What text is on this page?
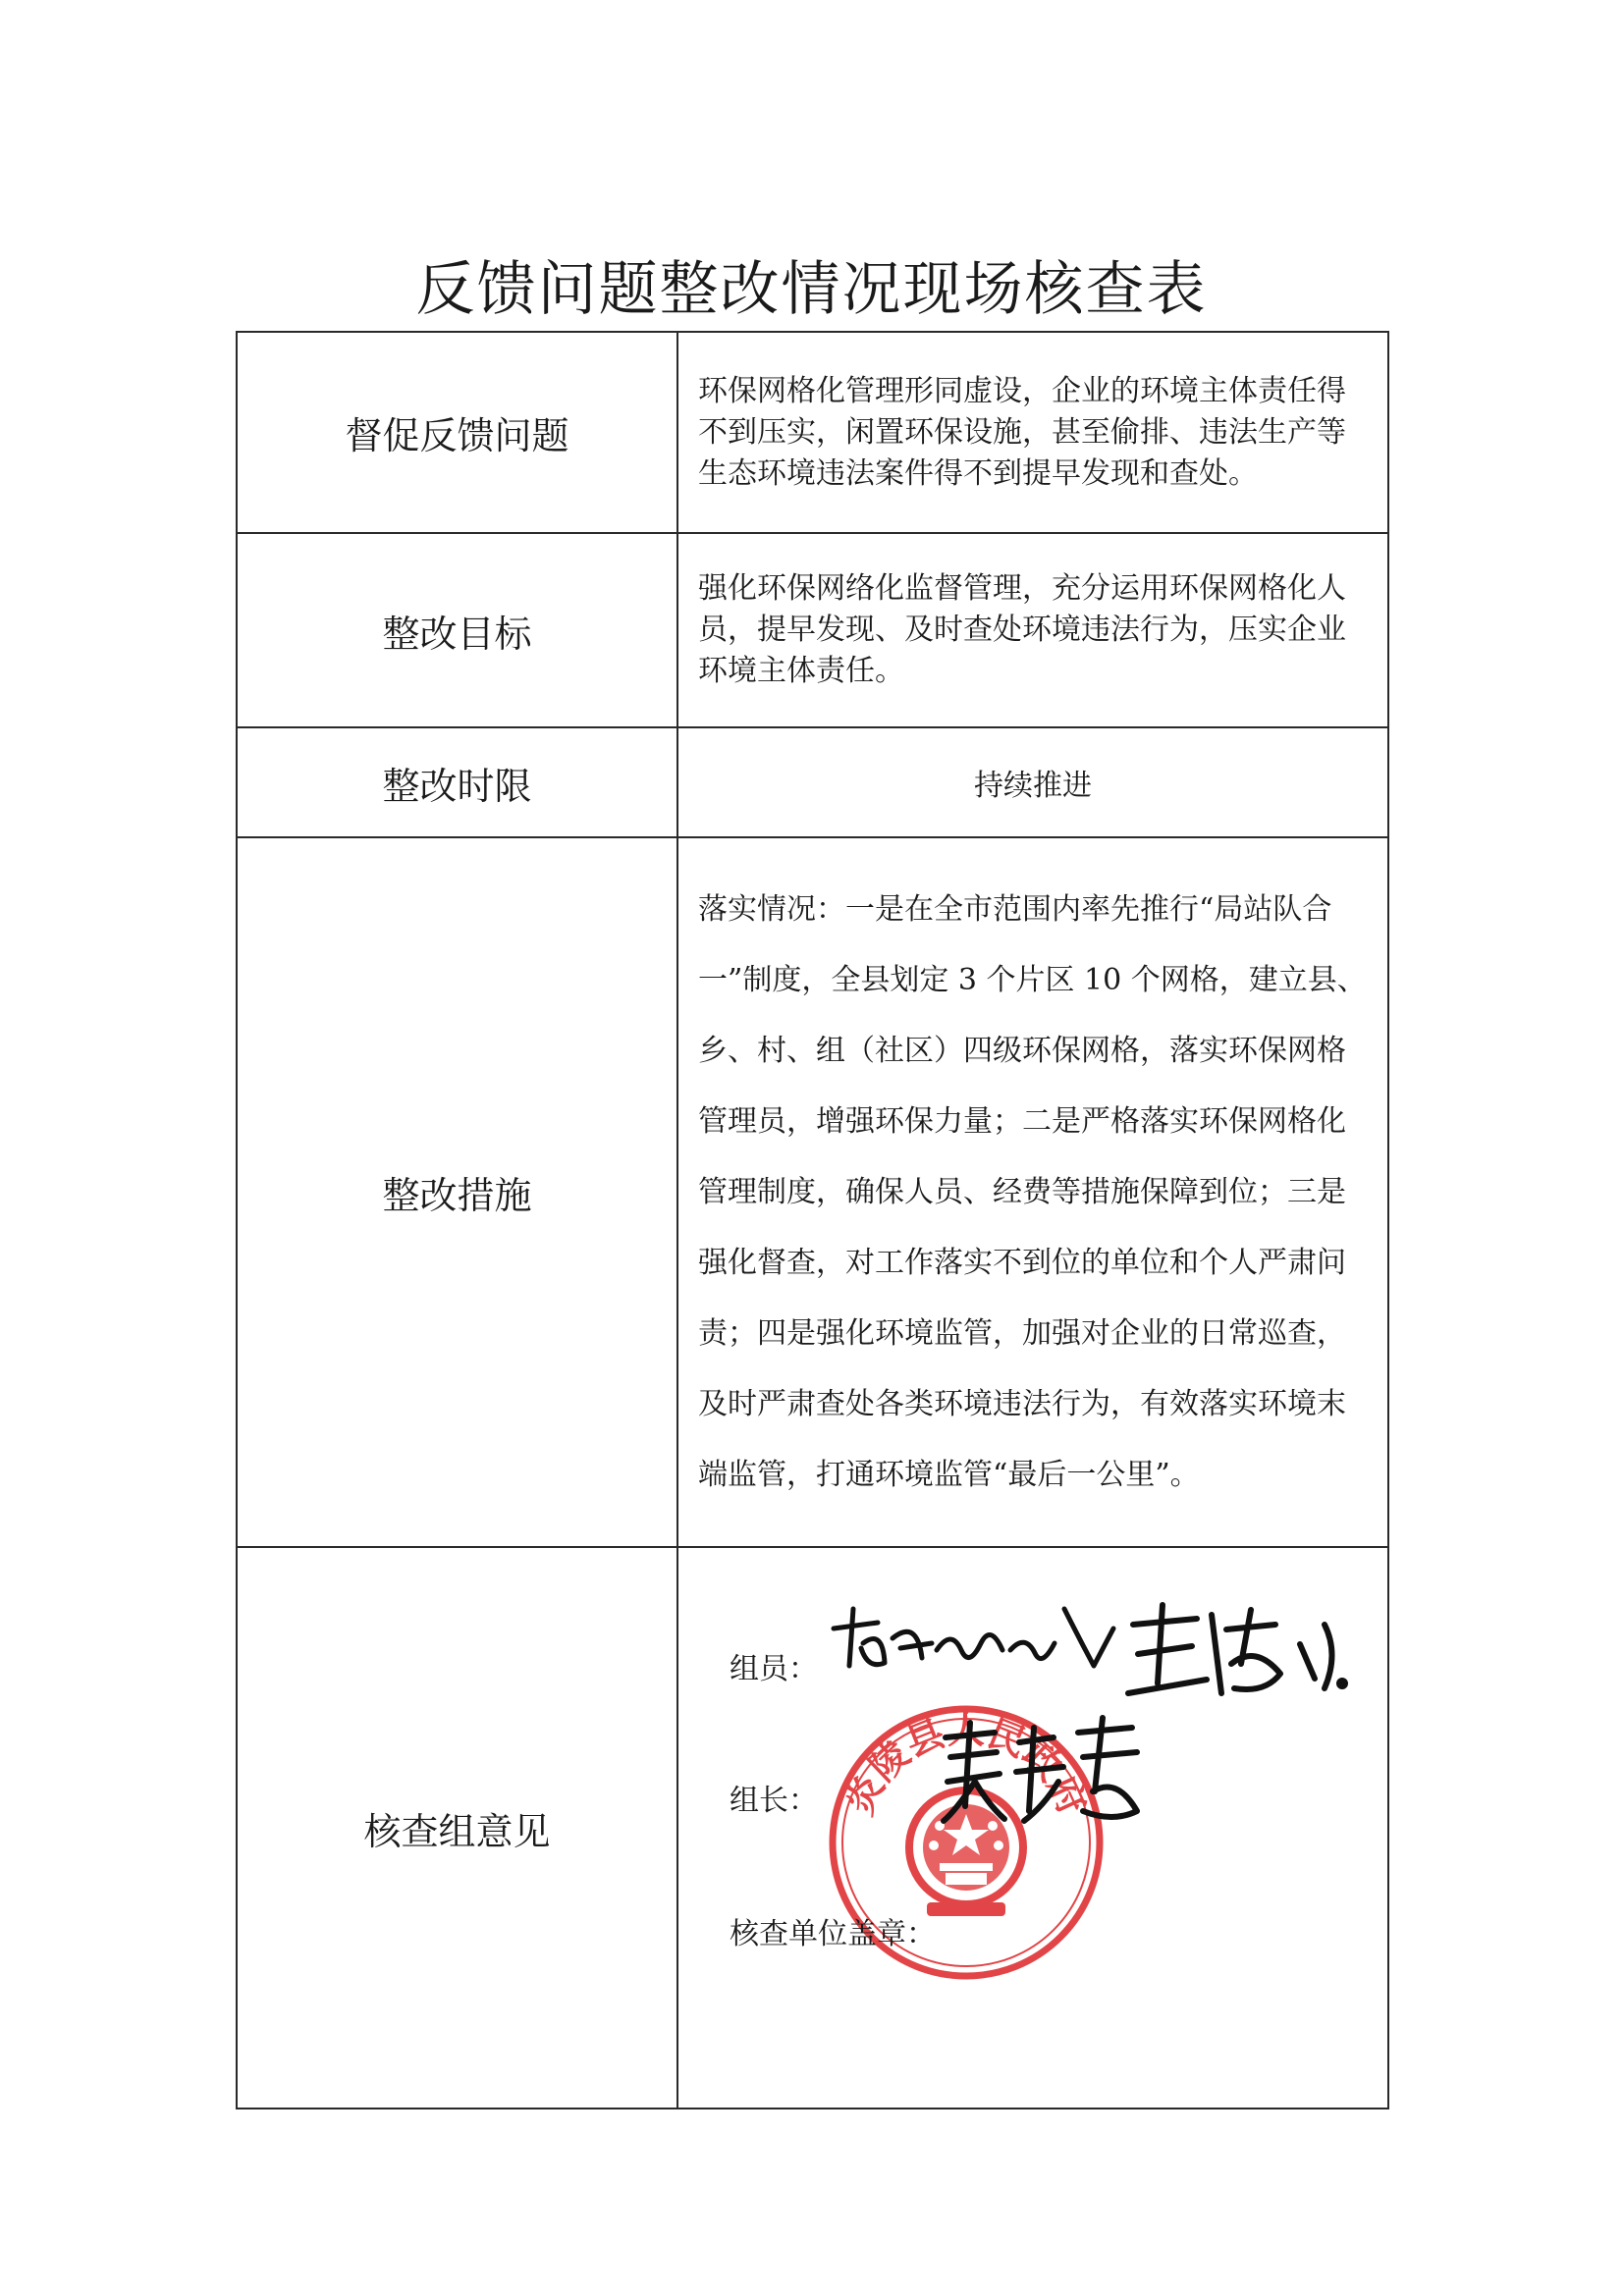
反馈问题整改情况现场核查表
督促反馈问题	环保网格化管理形同虚设，企业的环境主体责任得不到压实，闲置环保设施，甚至偷排、违法生产等生态环境违法案件得不到提早发现和查处。
整改目标	强化环保网络化监督管理，充分运用环保网格化人员，提早发现、及时查处环境违法行为，压实企业环境主体责任。
整改时限	持续推进
整改措施	落实情况：一是在全市范围内率先推行“局站队合一”制度，全县划定 3 个片区 10 个网格，建立县、乡、村、组（社区）四级环保网格，落实环保网格管理员，增强环保力量；二是严格落实环保网格化管理制度，确保人员、经费等措施保障到位；三是强化督查，对工作落实不到位的单位和个人严肃问责；四是强化环境监管，加强对企业的日常巡查，及时严肃查处各类环境违法行为，有效落实环境末端监管，打通环境监管“最后一公里”。
核查组意见	炎陵县人民政府
组员：
组长：
核查单位盖章：
